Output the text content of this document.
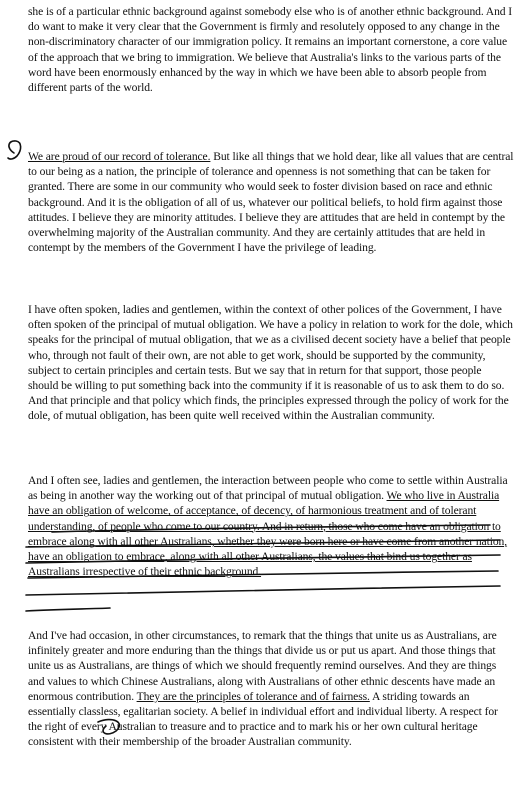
she is of a particular ethnic background against somebody else who is of another ethnic background. And I do want to make it very clear that the Government is firmly and resolutely opposed to any change in the non-discriminatory character of our immigration policy. It remains an important cornerstone, a core value of the approach that we bring to immigration. We believe that Australia's links to the various parts of the word have been enormously enhanced by the way in which we have been able to absorb people from different parts of the world.

We are proud of our record of tolerance. But like all things that we hold dear, like all values that are central to our being as a nation, the principle of tolerance and openness is not something that can be taken for granted. There are some in our community who would seek to foster division based on race and ethnic background. And it is the obligation of all of us, whatever our political beliefs, to hold firm against those attitudes. I believe they are minority attitudes. I believe they are attitudes that are held in contempt by the overwhelming majority of the Australian community. And they are certainly attitudes that are held in contempt by the members of the Government I have the privilege of leading.

I have often spoken, ladies and gentlemen, within the context of other polices of the Government, I have often spoken of the principal of mutual obligation. We have a policy in relation to work for the dole, which speaks for the principal of mutual obligation, that we as a civilised decent society have a belief that people who, through not fault of their own, are not able to get work, should be supported by the community, subject to certain principles and certain tests. But we say that in return for that support, those people should be willing to put something back into the community if it is reasonable of us to ask them to do so. And that principle and that policy which finds, the principles expressed through the policy of work for the dole, of mutual obligation, has been quite well received within the Australian community.

And I often see, ladies and gentlemen, the interaction between people who come to settle within Australia as being in another way the working out of that principal of mutual obligation. We who live in Australia have an obligation of welcome, of acceptance, of decency, of harmonious treatment and of tolerant understanding, of people who come to our country. And in return, those who come have an obligation to embrace along with all other Australians, whether they were born here or have come from another nation, have an obligation to embrace, along with all other Australians, the values that bind us together as Australians irrespective of their ethnic background.

And I've had occasion, in other circumstances, to remark that the things that unite us as Australians, are infinitely greater and more enduring than the things that divide us or put us apart. And those things that unite us as Australians, are things of which we should frequently remind ourselves. And they are things and values to which Chinese Australians, along with Australians of other ethnic descents have made an enormous contribution. They are the principles of tolerance and of fairness. A striding towards an essentially classless, egalitarian society. A belief in individual effort and individual liberty. A respect for the right of every Australian to treasure and to practice and to mark his or her own cultural heritage consistent with their membership of the broader Australian community.
